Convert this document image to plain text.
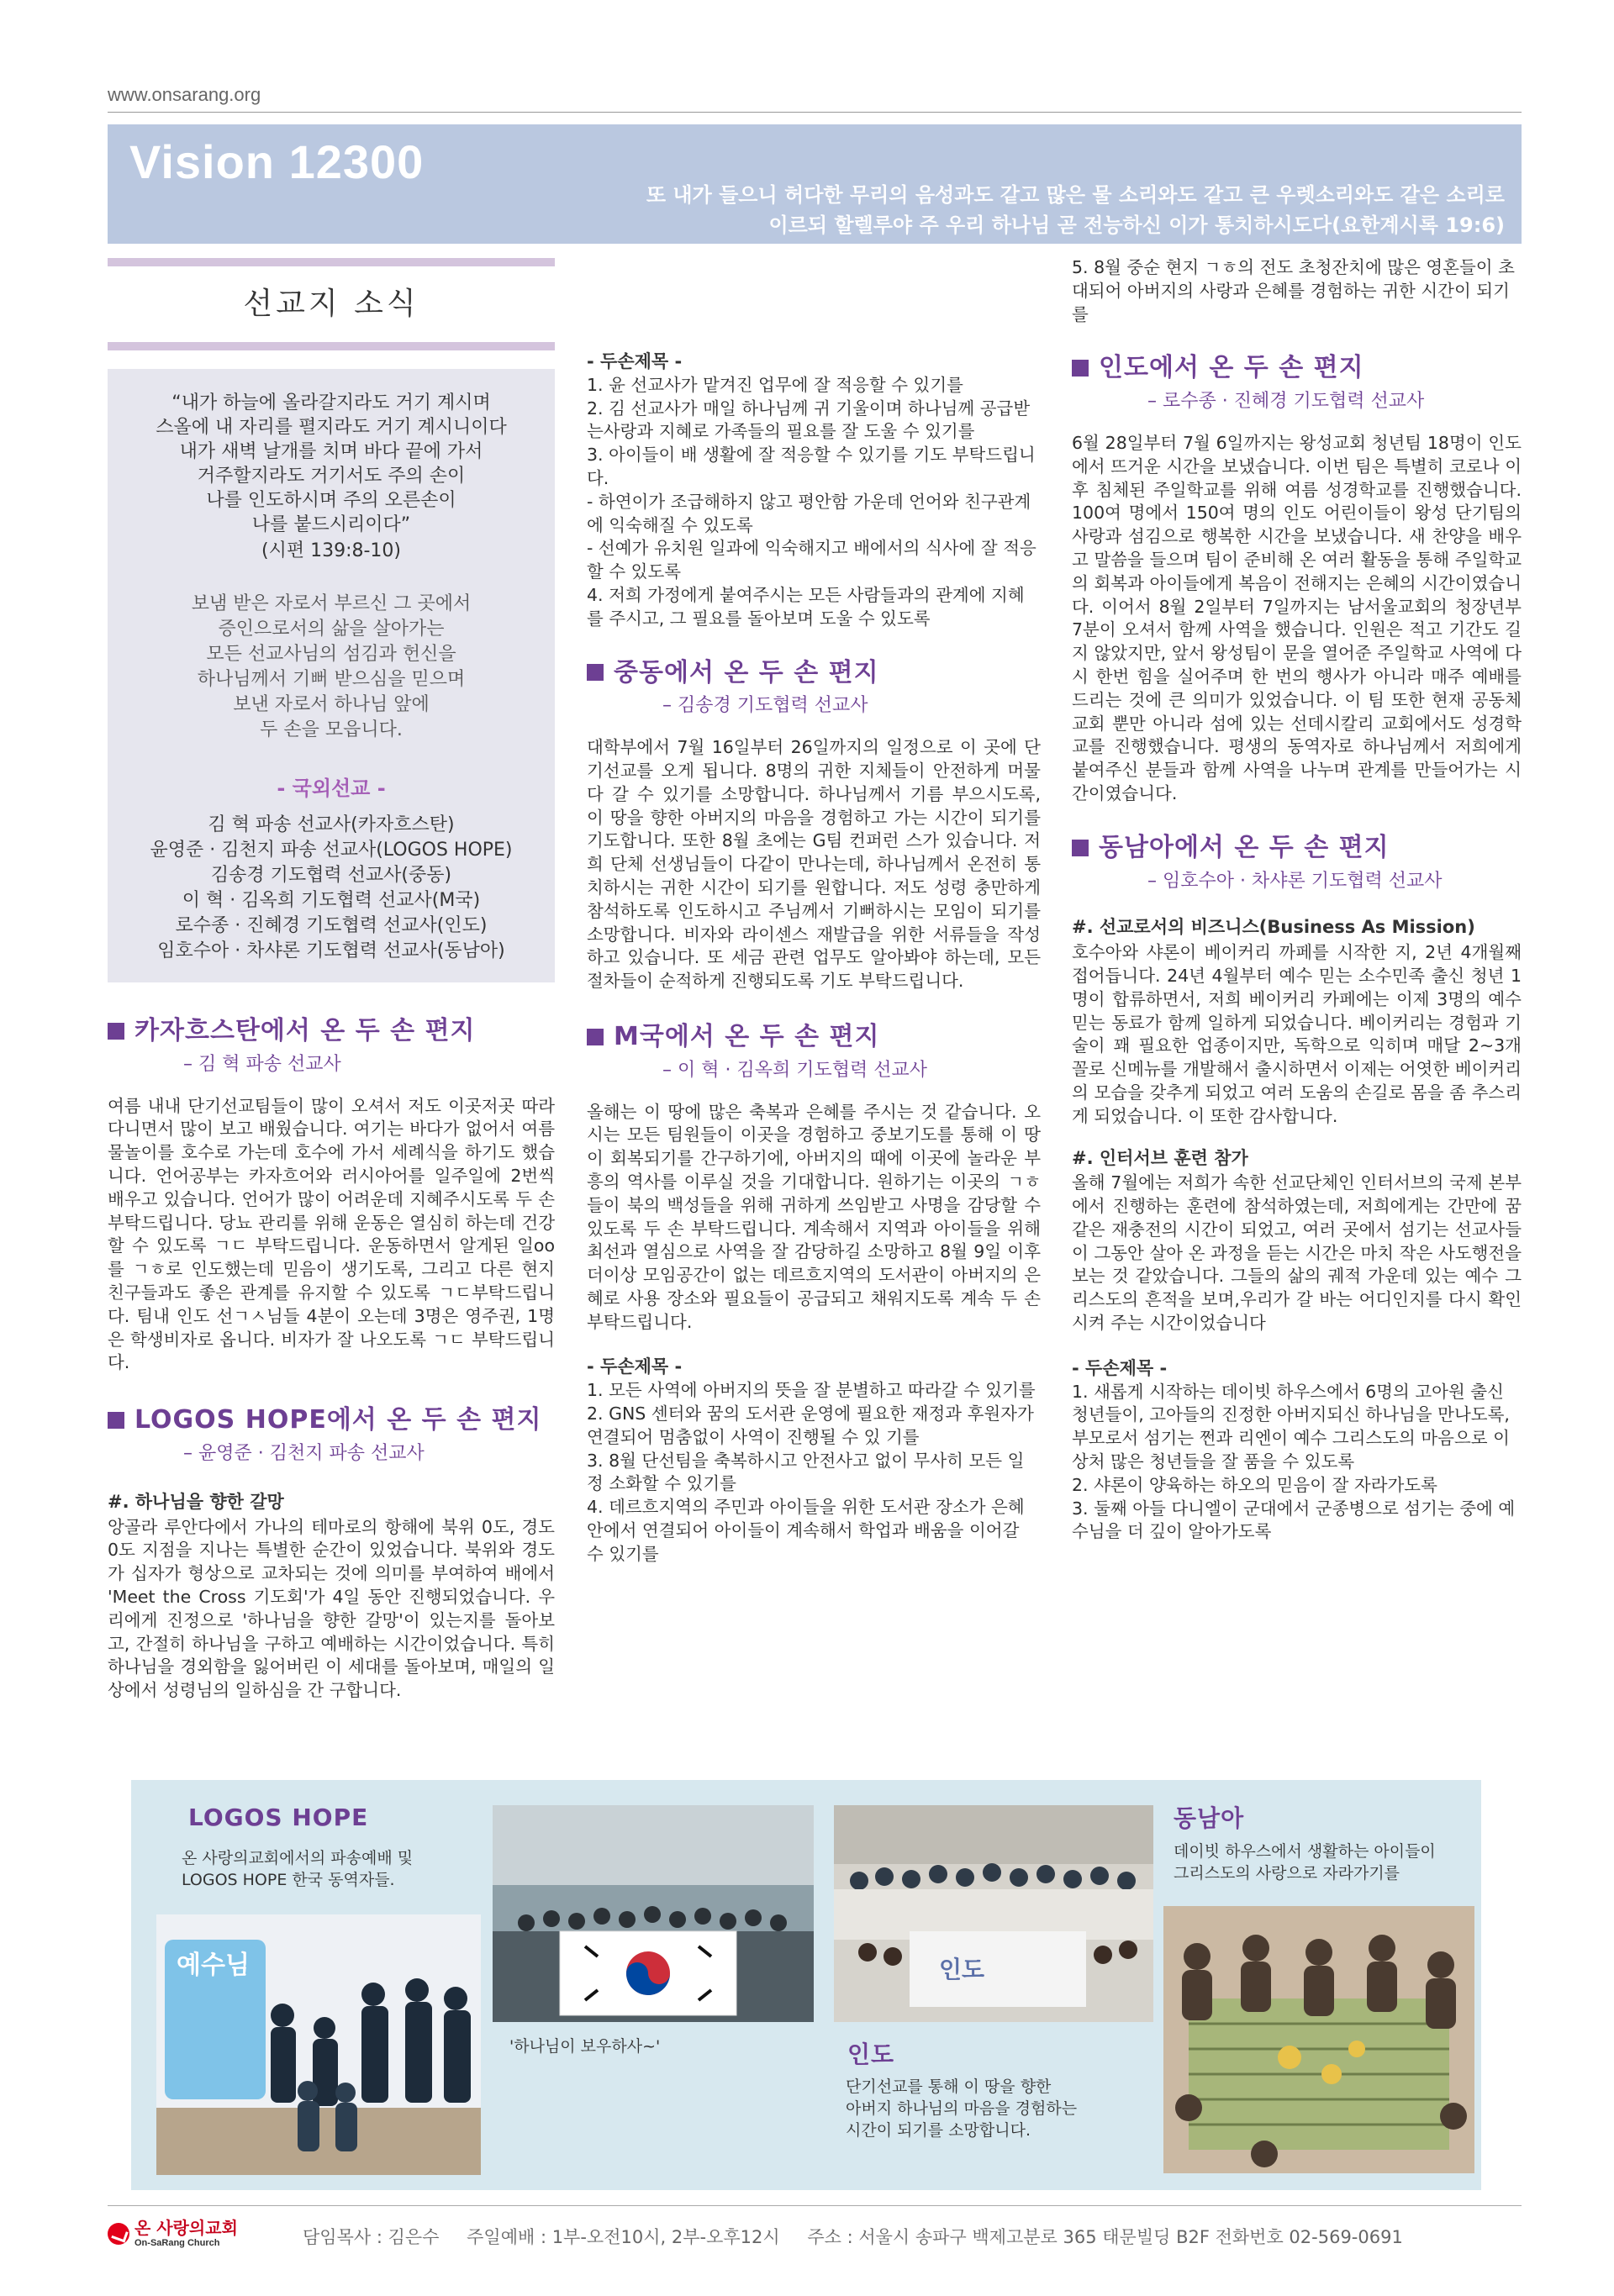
www.onsarang.org
Vision 12300
또 내가 들으니 허다한 무리의 음성과도 같고 많은 물 소리와도 같고 큰 우렛소리와도 같은 소리로
이르되 할렐루야 주 우리 하나님 곧 전능하신 이가 통치하시도다(요한계시록 19:6)
선교지 소식
“내가 하늘에 올라갈지라도 거기 계시며
스올에 내 자리를 펼지라도 거기 계시니이다
내가 새벽 날개를 치며 바다 끝에 가서
거주할지라도 거기서도 주의 손이
나를 인도하시며 주의 오른손이
나를 붙드시리이다”
(시편 139:8-10)
보냄 받은 자로서 부르신 그 곳에서
증인으로서의 삶을 살아가는
모든 선교사님의 섬김과 헌신을
하나님께서 기뻐 받으심을 믿으며
보낸 자로서 하나님 앞에
두 손을 모읍니다.
- 국외선교 -
김 혁 파송 선교사(카자흐스탄)
윤영준 · 김천지 파송 선교사(LOGOS HOPE)
김송경 기도협력 선교사(중동)
이 혁 · 김옥희 기도협력 선교사(M국)
로수종 · 진혜경 기도협력 선교사(인도)
임호수아 · 차샤론 기도협력 선교사(동남아)
카자흐스탄에서 온 두 손 편지
– 김 혁 파송 선교사
여름 내내 단기선교팀들이 많이 오셔서 저도 이곳저곳 따라 다니면서 많이 보고 배웠습니다. 여기는 바다가 없어서 여름 물놀이를 호수로 가는데 호수에 가서 세례식을 하기도 했습니다. 언어공부는 카자흐어와 러시아어를 일주일에 2번씩 배우고 있습니다. 언어가 많이 어려운데 지혜주시도록 두 손 부탁드립니다. 당뇨 관리를 위해 운동은 열심히 하는데 건강할 수 있도록 ㄱㄷ 부탁드립니다. 운동하면서 알게된 일oo를 ㄱㅎ로 인도했는데 믿음이 생기도록, 그리고 다른 현지 친구들과도 좋은 관계를 유지할 수 있도록 ㄱㄷ부탁드립니다. 팀내 인도 선ㄱㅅ님들 4분이 오는데 3명은 영주권, 1명은 학생비자로 옵니다. 비자가 잘 나오도록 ㄱㄷ 부탁드립니다.
LOGOS HOPE에서 온 두 손 편지
– 윤영준 · 김천지 파송 선교사
#. 하나님을 향한 갈망
앙골라 루안다에서 가나의 테마로의 항해에 북위 0도, 경도 0도 지점을 지나는 특별한 순간이 있었습니다. 북위와 경도가 십자가 형상으로 교차되는 것에 의미를 부여하여 배에서 'Meet the Cross 기도회'가 4일 동안 진행되었습니다. 우리에게 진정으로 '하나님을 향한 갈망'이 있는지를 돌아보고, 간절히 하나님을 구하고 예배하는 시간이었습니다. 특히 하나님을 경외함을 잃어버린 이 세대를 돌아보며, 매일의 일상에서 성령님의 일하심을 간 구합니다.
- 두손제목 -
1. 윤 선교사가 맡겨진 업무에 잘 적응할 수 있기를
2. 김 선교사가 매일 하나님께 귀 기울이며 하나님께 공급받는사랑과 지혜로 가족들의 필요를 잘 도울 수 있기를
3. 아이들이 배 생활에 잘 적응할 수 있기를 기도 부탁드립니다.
- 하연이가 조급해하지 않고 평안함 가운데 언어와 친구관계에 익숙해질 수 있도록
- 선예가 유치원 일과에 익숙해지고 배에서의 식사에 잘 적응할 수 있도록
4. 저희 가정에게 붙여주시는 모든 사람들과의 관계에 지혜를 주시고, 그 필요를 돌아보며 도울 수 있도록
중동에서 온 두 손 편지
– 김송경 기도협력 선교사
대학부에서 7월 16일부터 26일까지의 일정으로 이 곳에 단기선교를 오게 됩니다. 8명의 귀한 지체들이 안전하게 머물다 갈 수 있기를 소망합니다. 하나님께서 기름 부으시도록, 이 땅을 향한 아버지의 마음을 경험하고 가는 시간이 되기를 기도합니다. 또한 8월 초에는 G팀 컨퍼런 스가 있습니다. 저희 단체 선생님들이 다같이 만나는데, 하나님께서 온전히 통치하시는 귀한 시간이 되기를 원합니다. 저도 성령 충만하게 참석하도록 인도하시고 주님께서 기뻐하시는 모임이 되기를 소망합니다. 비자와 라이센스 재발급을 위한 서류들을 작성하고 있습니다. 또 세금 관련 업무도 알아봐야 하는데, 모든 절차들이 순적하게 진행되도록 기도 부탁드립니다.
M국에서 온 두 손 편지
– 이 혁 · 김옥희 기도협력 선교사
올해는 이 땅에 많은 축복과 은혜를 주시는 것 같습니다. 오시는 모든 팀원들이 이곳을 경험하고 중보기도를 통해 이 땅이 회복되기를 간구하기에, 아버지의 때에 이곳에 놀라운 부흥의 역사를 이루실 것을 기대합니다. 원하기는 이곳의 ㄱㅎ들이 북의 백성들을 위해 귀하게 쓰임받고 사명을 감당할 수 있도록 두 손 부탁드립니다. 계속해서 지역과 아이들을 위해 최선과 열심으로 사역을 잘 감당하길 소망하고 8월 9일 이후 더이상 모임공간이 없는 데르흐지역의 도서관이 아버지의 은혜로 사용 장소와 필요들이 공급되고 채워지도록 계속 두 손 부탁드립니다.
- 두손제목 -
1. 모든 사역에 아버지의 뜻을 잘 분별하고 따라갈 수 있기를
2. GNS 센터와 꿈의 도서관 운영에 필요한 재정과 후원자가 연결되어 멈춤없이 사역이 진행될 수 있 기를
3. 8월 단선팀을 축복하시고 안전사고 없이 무사히 모든 일정 소화할 수 있기를
4. 데르흐지역의 주민과 아이들을 위한 도서관 장소가 은혜 안에서 연결되어 아이들이 계속해서 학업과 배움을 이어갈 수 있기를
5. 8월 중순 현지 ㄱㅎ의 전도 초청잔치에 많은 영혼들이 초대되어 아버지의 사랑과 은혜를 경험하는 귀한 시간이 되기를
인도에서 온 두 손 편지
– 로수종 · 진혜경 기도협력 선교사
6월 28일부터 7월 6일까지는 왕성교회 청년팀 18명이 인도에서 뜨거운 시간을 보냈습니다. 이번 팀은 특별히 코로나 이후 침체된 주일학교를 위해 여름 성경학교를 진행했습니다. 100여 명에서 150여 명의 인도 어린이들이 왕성 단기팀의 사랑과 섬김으로 행복한 시간을 보냈습니다. 새 찬양을 배우고 말씀을 들으며 팀이 준비해 온 여러 활동을 통해 주일학교의 회복과 아이들에게 복음이 전해지는 은혜의 시간이였습니다. 이어서 8월 2일부터 7일까지는 남서울교회의 청장년부 7분이 오셔서 함께 사역을 했습니다. 인원은 적고 기간도 길지 않았지만, 앞서 왕성팀이 문을 열어준 주일학교 사역에 다시 한번 힘을 실어주며 한 번의 행사가 아니라 매주 예배를 드리는 것에 큰 의미가 있었습니다. 이 팀 또한 현재 공동체 교회 뿐만 아니라 섬에 있는 선데시칼리 교회에서도 성경학교를 진행했습니다. 평생의 동역자로 하나님께서 저희에게 붙여주신 분들과 함께 사역을 나누며 관계를 만들어가는 시간이였습니다.
동남아에서 온 두 손 편지
– 임호수아 · 차샤론 기도협력 선교사
#. 선교로서의 비즈니스(Business As Mission)
호수아와 샤론이 베이커리 까페를 시작한 지, 2년 4개월째 접어듭니다. 24년 4월부터 예수 믿는 소수민족 출신 청년 1명이 합류하면서, 저희 베이커리 카페에는 이제 3명의 예수 믿는 동료가 함께 일하게 되었습니다. 베이커리는 경험과 기술이 꽤 필요한 업종이지만, 독학으로 익히며 매달 2~3개 꼴로 신메뉴를 개발해서 출시하면서 이제는 어엿한 베이커리의 모습을 갖추게 되었고 여러 도움의 손길로 몸을 좀 추스리게 되었습니다. 이 또한 감사합니다.
#. 인터서브 훈련 참가
올해 7월에는 저희가 속한 선교단체인 인터서브의 국제 본부에서 진행하는 훈련에 참석하였는데, 저희에게는 간만에 꿈 같은 재충전의 시간이 되었고, 여러 곳에서 섬기는 선교사들이 그동안 살아 온 과정을 듣는 시간은 마치 작은 사도행전을 보는 것 같았습니다. 그들의 삶의 궤적 가운데 있는 예수 그리스도의 흔적을 보며,우리가 갈 바는 어디인지를 다시 확인시켜 주는 시간이었습니다
- 두손제목 -
1. 새롭게 시작하는 데이빗 하우스에서 6명의 고아원 출신 청년들이, 고아들의 진정한 아버지되신 하나님을 만나도록, 부모로서 섬기는 쩐과 리엔이 예수 그리스도의 마음으로 이 상처 많은 청년들을 잘 품을 수 있도록
2. 샤론이 양육하는 하오의 믿음이 잘 자라가도록
3. 둘째 아들 다니엘이 군대에서 군종병으로 섬기는 중에 예수님을 더 깊이 알아가도록
LOGOS HOPE
온 사랑의교회에서의 파송예배 및
LOGOS HOPE 한국 동역자들.
예수님
'하나님이 보우하사~'
인도
인도
단기선교를 통해 이 땅을 향한
아버지 하나님의 마음을 경험하는
시간이 되기를 소망합니다.
동남아
데이빗 하우스에서 생활하는 아이들이
그리스도의 사랑으로 자라가기를
온 사랑의교회
On-SaRang Church	담임목사 : 김은수 주일예배 : 1부-오전10시, 2부-오후12시 주소 : 서울시 송파구 백제고분로 365 태문빌딩 B2F 전화번호 02-569-0691
